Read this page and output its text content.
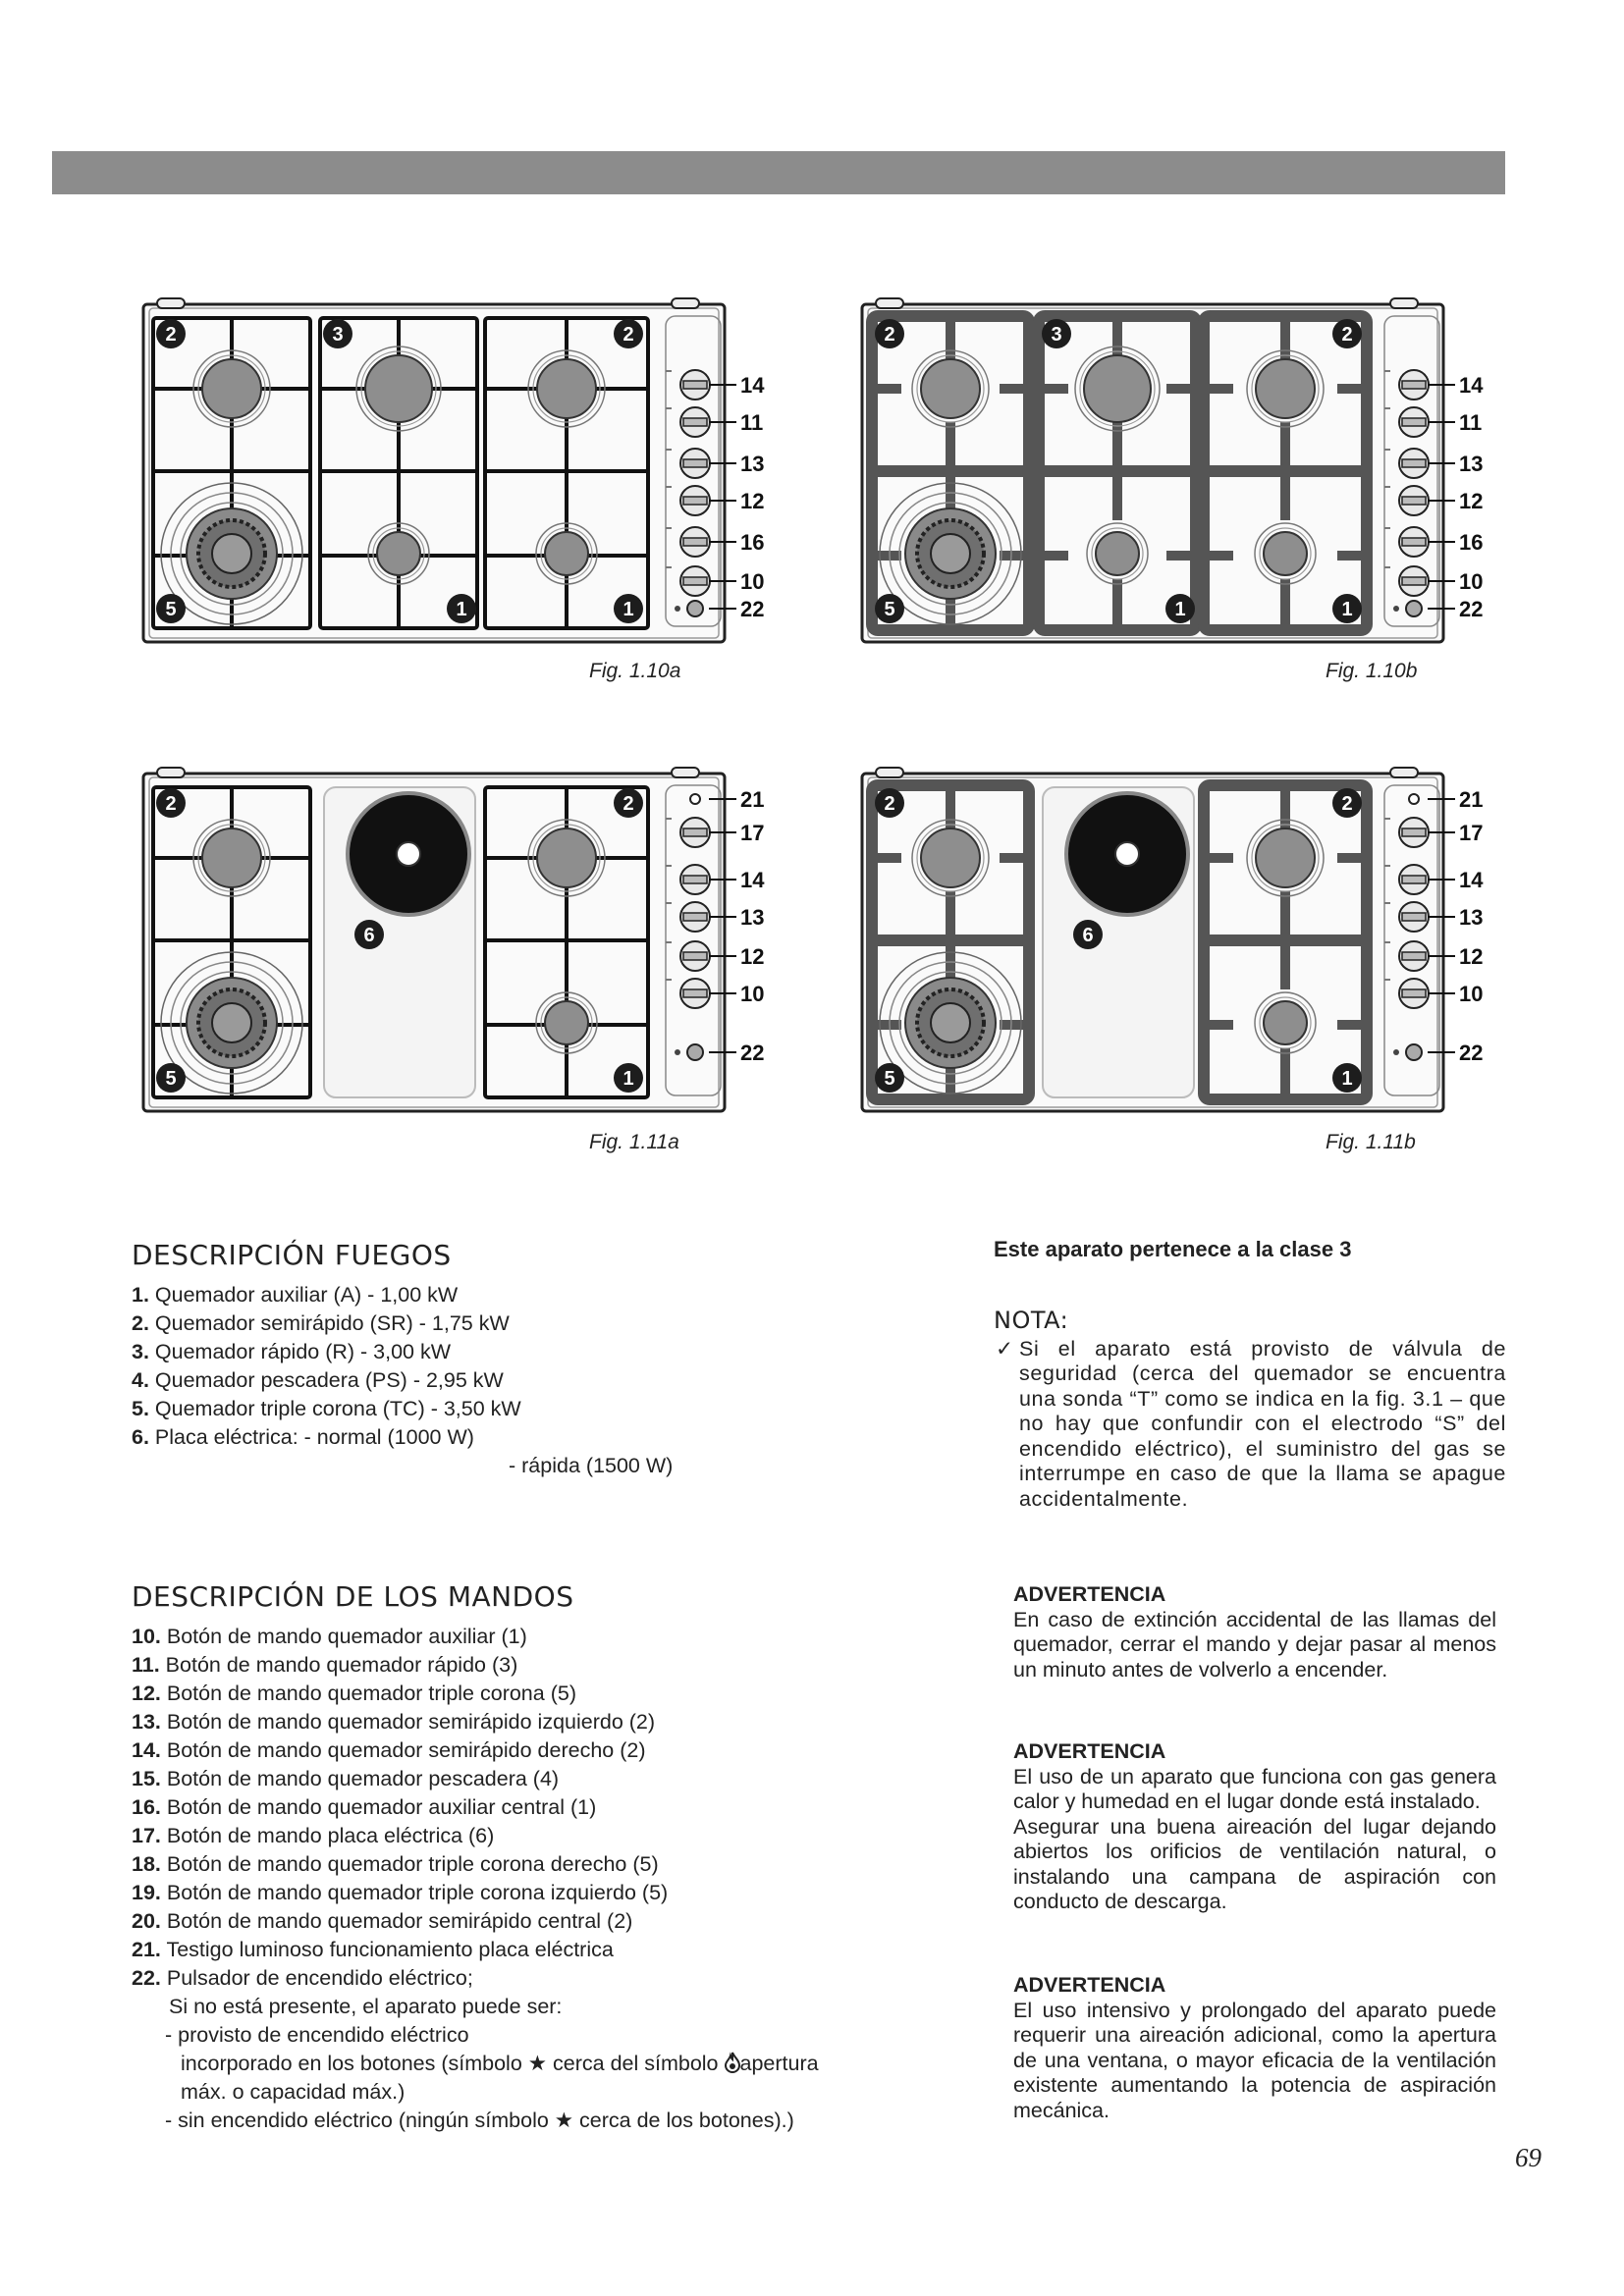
2	3	2
5	1	1
14
11
13
12
16
10
22
Fig. 1.10a
2	3	2
5	1	1
14
11
13
12
16
10
22
Fig. 1.10b
2	2
5	1
6
21
17
14
13
12
10
22
Fig. 1.11a
2	2
5	1
6
21
17
14
13
12
10
22
Fig. 1.11b
DESCRIPCIÓN FUEGOS
1. Quemador auxiliar (A) - 1,00 kW
2. Quemador semirápido (SR) - 1,75 kW
3. Quemador rápido (R) - 3,00 kW
4. Quemador pescadera (PS) - 2,95 kW
5. Quemador triple corona (TC) - 3,50 kW
6. Placa eléctrica: - normal (1000 W)
- rápida (1500 W)
DESCRIPCIÓN DE LOS MANDOS
10. Botón de mando quemador auxiliar (1)
11. Botón de mando quemador rápido (3)
12. Botón de mando quemador triple corona (5)
13. Botón de mando quemador semirápido izquierdo (2)
14. Botón de mando quemador semirápido derecho (2)
15. Botón de mando quemador pescadera (4)
16. Botón de mando quemador auxiliar central (1)
17. Botón de mando placa eléctrica (6)
18. Botón de mando quemador triple corona derecho (5)
19. Botón de mando quemador triple corona izquierdo (5)
20. Botón de mando quemador semirápido central (2)
21. Testigo luminoso funcionamiento placa eléctrica
22. Pulsador de encendido eléctrico;
Si no está presente, el aparato puede ser:
- provisto de encendido eléctrico
incorporado en los botones (símbolo ★ cerca del símbolo apertura
máx. o capacidad máx.)
- sin encendido eléctrico (ningún símbolo ★ cerca de los botones).)

Este aparato pertenece a la clase 3

NOTA:

✓ Si el aparato está provisto de válvula de seguridad (cerca del quemador se encuentra una sonda “T” como se indica en la fig. 3.1 – que no hay que confundir con el electrodo “S” del encendido eléctrico), el suministro del gas se interrumpe en caso de que la llama se apague accidentalmente.

ADVERTENCIA

En caso de extinción accidental de las llamas del quemador, cerrar el mando y dejar pasar al menos un minuto antes de volverlo a encender.

ADVERTENCIA

El uso de un aparato que funciona con gas genera calor y humedad en el lugar donde está instalado.

Asegurar una buena aireación del lugar dejando abiertos los orificios de ventilación natural, o instalando una campana de aspiración con conducto de descarga.

ADVERTENCIA

El uso intensivo y prolongado del aparato puede requerir una aireación adicional, como la apertura de una ventana, o mayor eficacia de la ventilación existente aumentando la potencia de aspiración mecánica.

69
